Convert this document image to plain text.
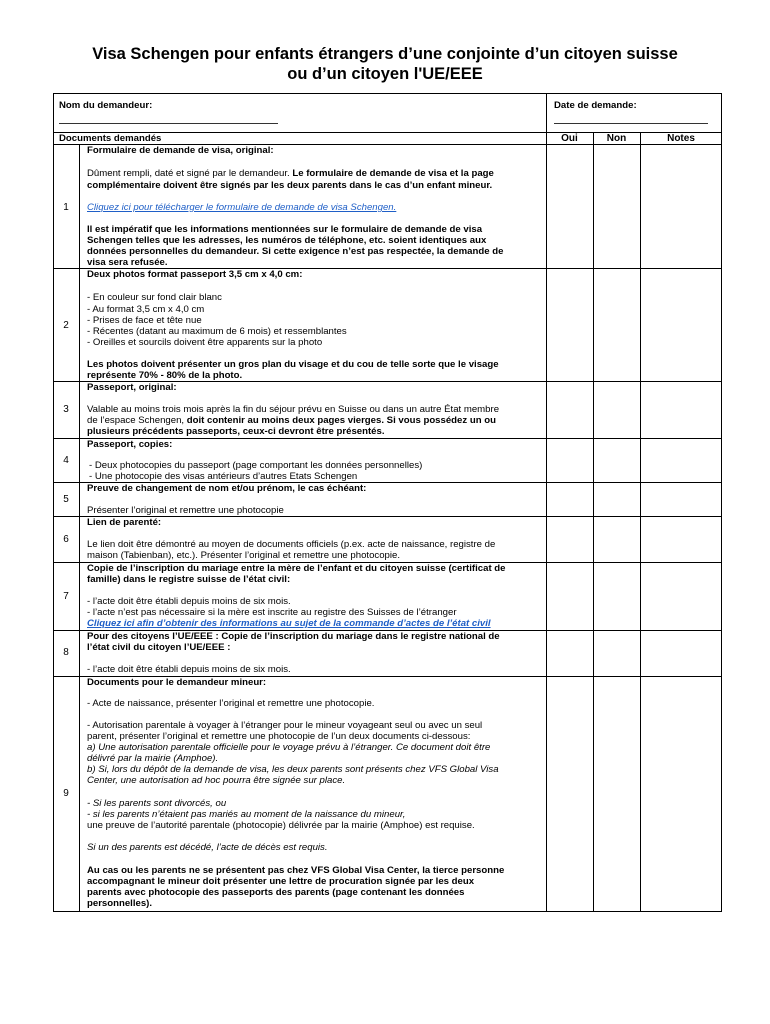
Visa Schengen pour enfants étrangers d’une conjointe d’un citoyen suisse
ou d’un citoyen l'UE/EEE
Nom du demandeur:	Date de demande:
Documents demandés	Oui	Non	Notes
1
Formulaire de demande de visa, original:
Dûment rempli, daté et signé par le demandeur. Le formulaire de demande de visa et la page
complémentaire doivent être signés par les deux parents dans le cas d’un enfant mineur.
Cliquez ici pour télécharger le formulaire de demande de visa Schengen.
Il est impératif que les informations mentionnées sur le formulaire de demande de visa
Schengen telles que les adresses, les numéros de téléphone, etc. soient identiques aux
données personnelles du demandeur. Si cette exigence n’est pas respectée, la demande de
visa sera refusée.
2
Deux photos format passeport 3,5 cm x 4,0 cm:
- En couleur sur fond clair blanc
- Au format 3,5 cm x 4,0 cm
- Prises de face et tête nue
- Récentes (datant au maximum de 6 mois) et ressemblantes
- Oreilles et sourcils doivent être apparents sur la photo
Les photos doivent présenter un gros plan du visage et du cou de telle sorte que le visage
représente 70% - 80% de la photo.
3
Passeport, original:
Valable au moins trois mois après la fin du séjour prévu en Suisse ou dans un autre État membre
de l’espace Schengen, doit contenir au moins deux pages vierges. Si vous possédez un ou
plusieurs précédents passeports, ceux-ci devront être présentés.
4
Passeport, copies:
- Deux photocopies du passeport (page comportant les données personnelles)
- Une photocopie des visas antérieurs d’autres Etats Schengen
5
Preuve de changement de nom et/ou prénom, le cas échéant:
Présenter l’original et remettre une photocopie
6
Lien de parenté:
Le lien doit être démontré au moyen de documents officiels (p.ex. acte de naissance, registre de
maison (Tabienban), etc.). Présenter l’original et remettre une photocopie.
7
Copie de l’inscription du mariage entre la mère de l’enfant et du citoyen suisse (certificat de
famille) dans le registre suisse de l’état civil:
- l’acte doit être établi depuis moins de six mois.
- l’acte n’est pas nécessaire si la mère est inscrite au registre des Suisses de l’étranger
Cliquez ici afin d’obtenir des informations au sujet de la commande d’actes de l’état civil
8
Pour des citoyens l’UE/EEE : Copie de l’inscription du mariage dans le registre national de
l’état civil du citoyen l’UE/EEE :
- l’acte doit être établi depuis moins de six mois.
9
Documents pour le demandeur mineur:
- Acte de naissance, présenter l’original et remettre une photocopie.
- Autorisation parentale à voyager à l’étranger pour le mineur voyageant seul ou avec un seul
parent, présenter l’original et remettre une photocopie de l’un deux documents ci-dessous:
a) Une autorisation parentale officielle pour le voyage prévu à l’étranger. Ce document doit être
délivré par la mairie (Amphoe).
b) Si, lors du dépôt de la demande de visa, les deux parents sont présents chez VFS Global Visa
Center, une autorisation ad hoc pourra être signée sur place.
- Si les parents sont divorcés, ou
- si les parents n’étaient pas mariés au moment de la naissance du mineur,
une preuve de l’autorité parentale (photocopie) délivrée par la mairie (Amphoe) est requise.
Si un des parents est décédé, l’acte de décès est requis.
Au cas ou les parents ne se présentent pas chez VFS Global Visa Center, la tierce personne
accompagnant le mineur doit présenter une lettre de procuration signée par les deux
parents avec photocopie des passeports des parents (page contenant les données
personnelles).
